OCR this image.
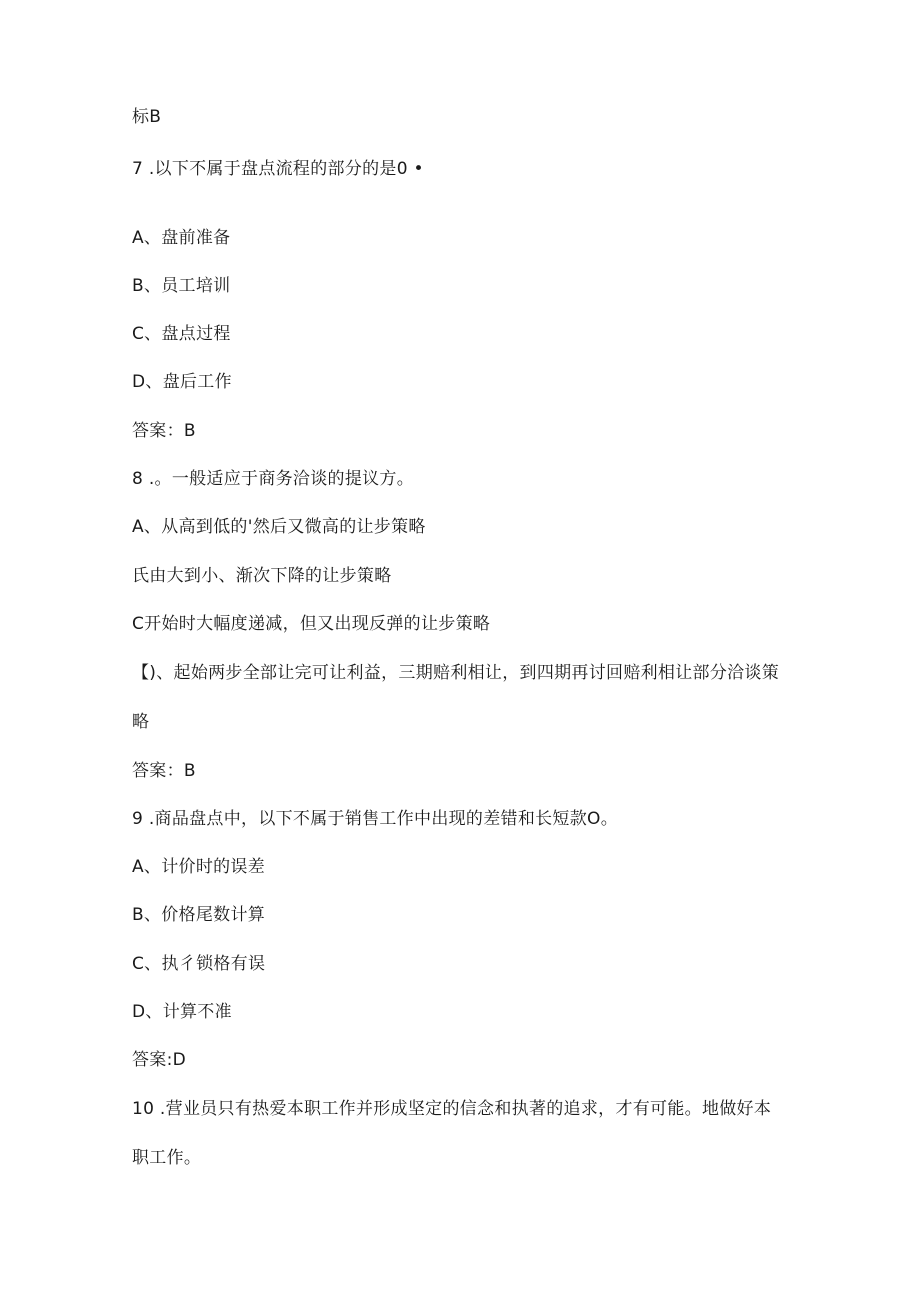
标B
7 .以下不属于盘点流程的部分的是0 •
A、盘前准备
B、员工培训
C、盘点过程
D、盘后工作
答案：B
8 .。一般适应于商务洽谈的提议方。
A、从高到低的'然后又微高的让步策略
氏由大到小、渐次下降的让步策略
C开始时大幅度递减，但又出现反弹的让步策略
【)、起始两步全部让完可让利益，三期赔利相让，到四期再讨回赔利相让部分洽谈策
略
答案：B
9 .商品盘点中，以下不属于销售工作中出现的差错和长短款O。
A、计价时的误差
B、价格尾数计算
C、执彳锁格有误
D、计算不准
答案:D
10 .营业员只有热爱本职工作并形成坚定的信念和执著的追求，才有可能。地做好本
职工作。
